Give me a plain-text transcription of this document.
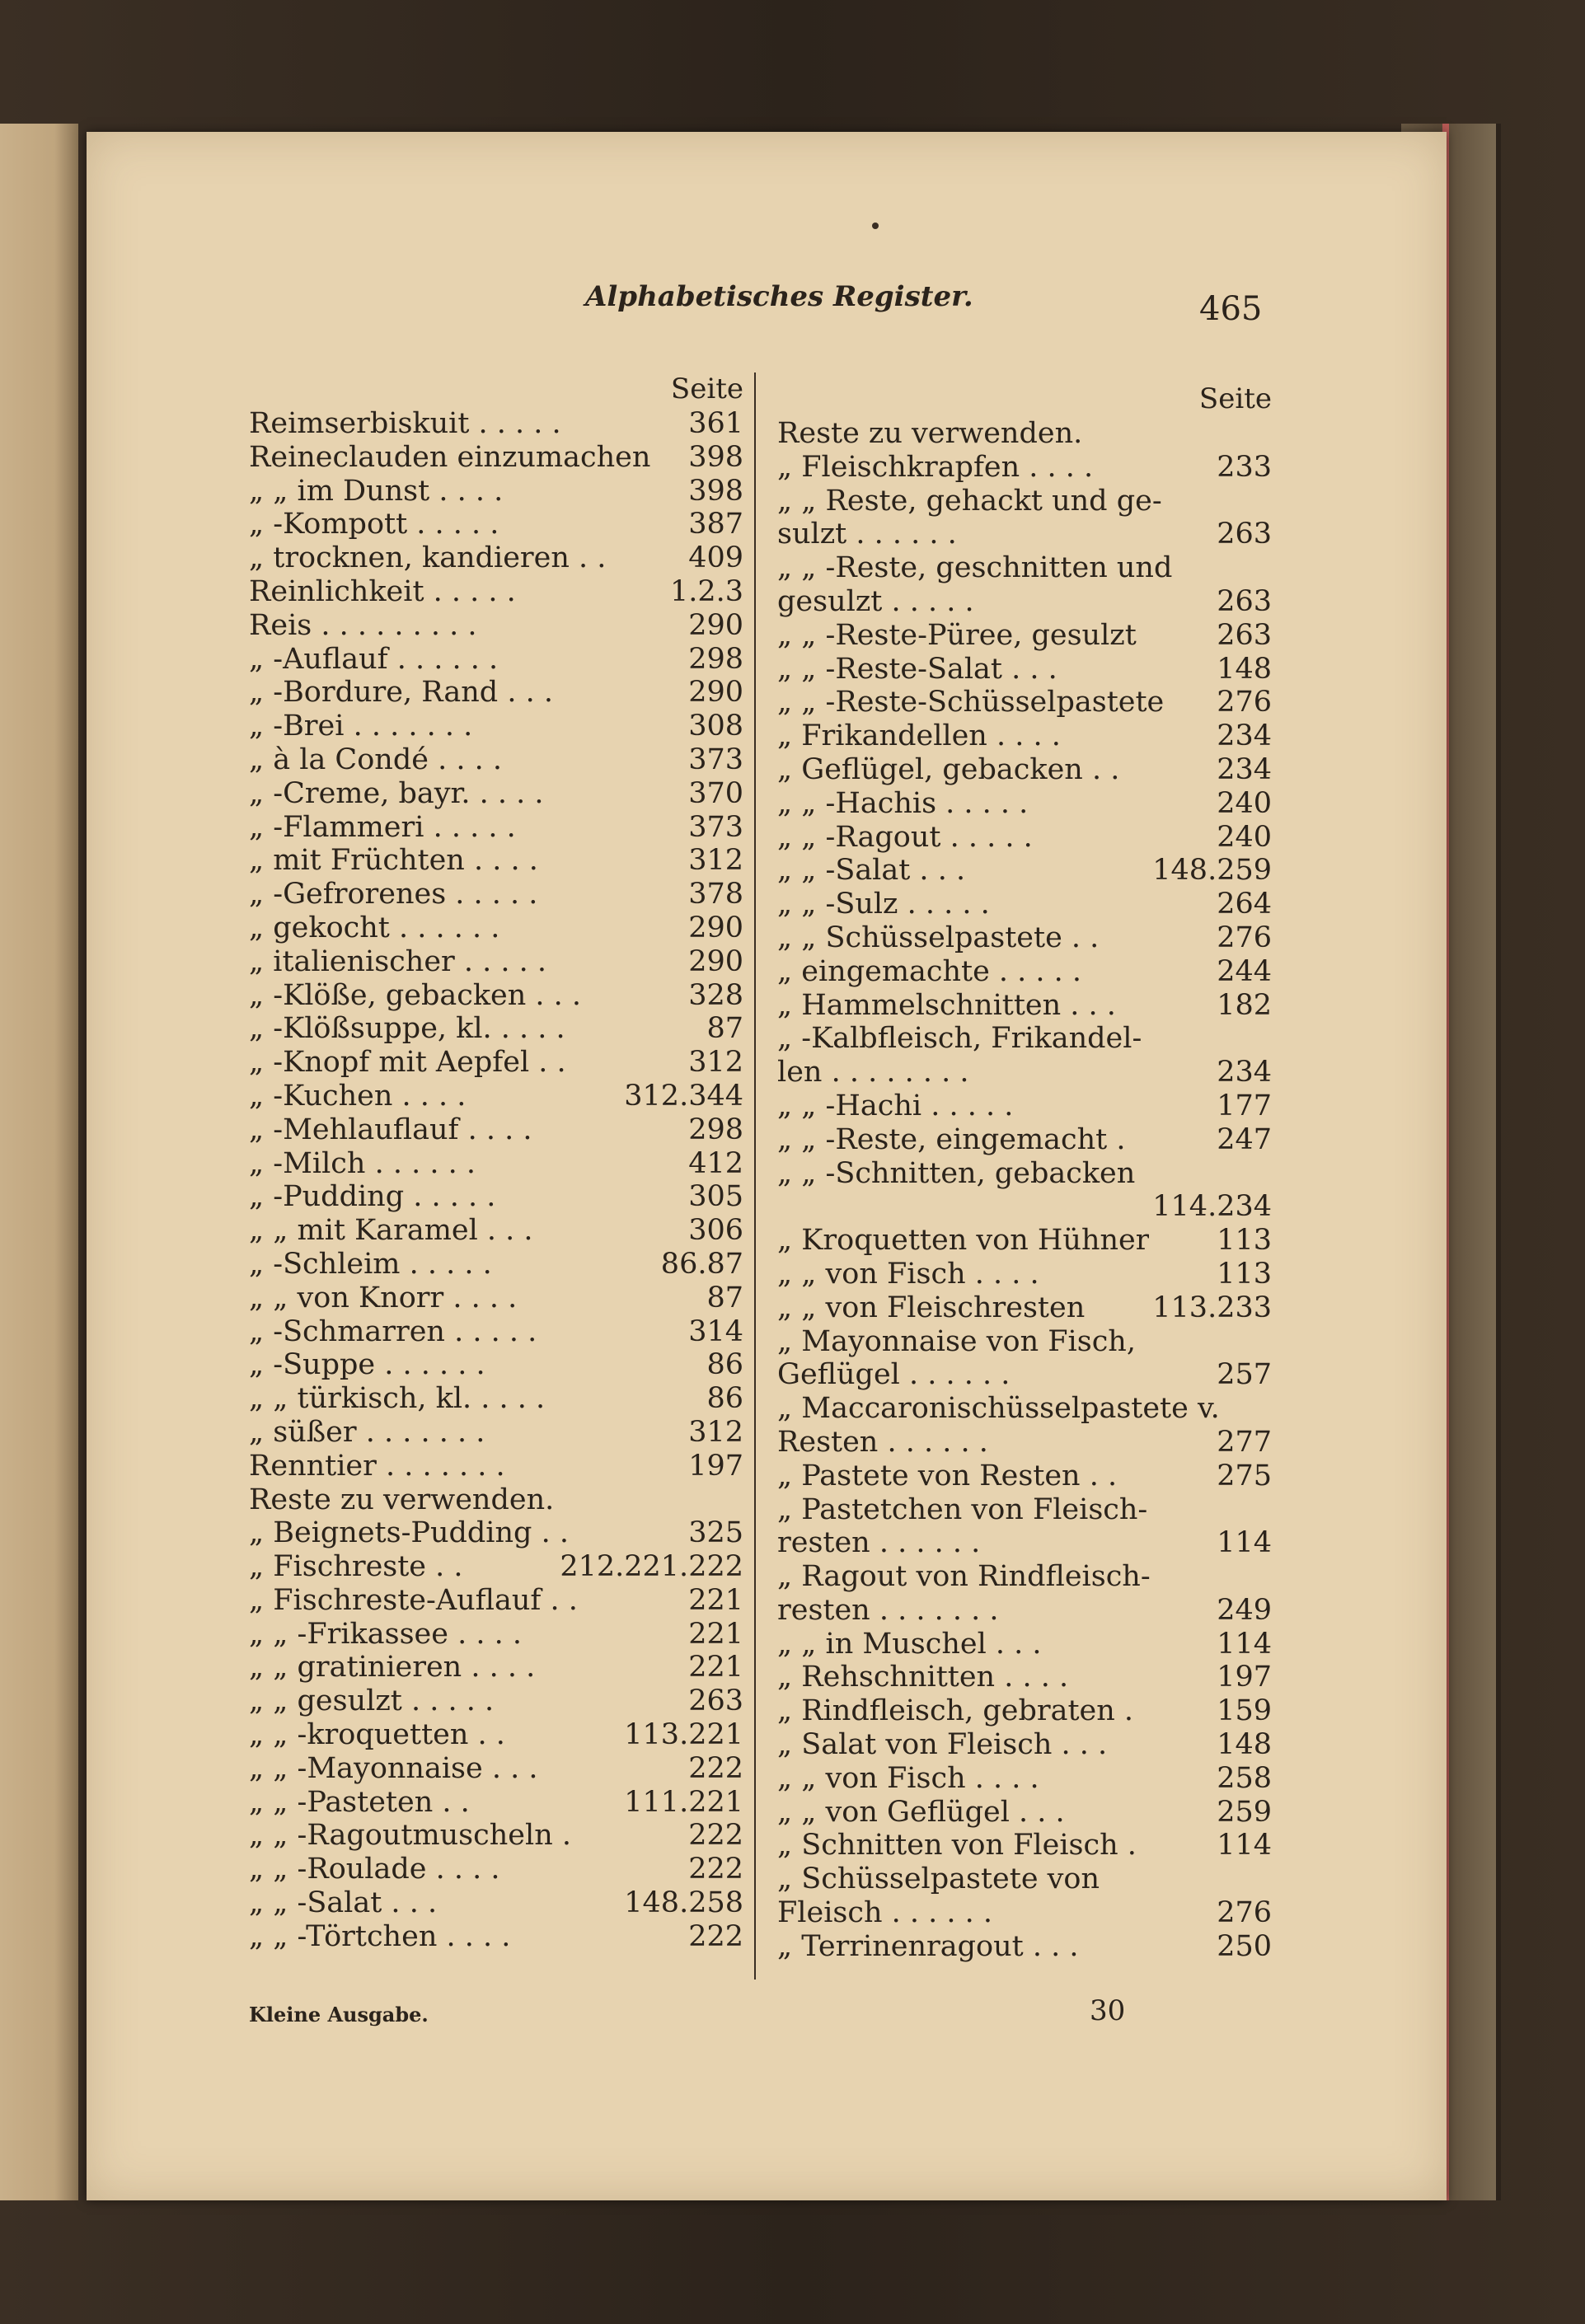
Alphabetisches Register.	465
Seite
Reimserbiskuit . . . . .	361
Reineclauden einzumachen 398
„ „ im Dunst . . . .	398
„ -Kompott . . . . .	387
„ trocknen, kandieren . .	409
Reinlichkeit . . . . .	1.2.3
Reis . . . . . . . . .	290
„ -Auflauf . . . . . .	298
„ -Bordure, Rand . . .	290
„ -Brei . . . . . . .	308
„ à la Condé . . . .	373
„ -Creme, bayr. . . . .	370
„ -Flammeri . . . . .	373
„ mit Früchten . . . .	312
„ -Gefrorenes . . . . .	378
„ gekocht . . . . . .	290
„ italienischer . . . . .	290
„ -Klöße, gebacken . . .	328
„ -Klößsuppe, kl. . . . .	87
„ -Knopf mit Aepfel . .	312
„ -Kuchen . . . .	312.344
„ -Mehlauflauf . . . .	298
„ -Milch . . . . . .	412
„ -Pudding . . . . .	305
„ „ mit Karamel . . .	306
„ -Schleim . . . . .	86.87
„ „ von Knorr . . . .	87
„ -Schmarren . . . . .	314
„ -Suppe . . . . . .	86
„ „ türkisch, kl. . . . .	86
„ süßer . . . . . . .	312
Renntier . . . . . . .	197
Reste zu verwenden.
„ Beignets-Pudding . .	325
„ Fischreste . .	212.221.222
„ Fischreste-Auflauf . .	221
„ „ -Frikassee . . . .	221
„ „ gratinieren . . . .	221
„ „ gesulzt . . . . .	263
„ „ -kroquetten . .	113.221
„ „ -Mayonnaise . . .	222
„ „ -Pasteten . .	111.221
„ „ -Ragoutmuscheln .	222
„ „ -Roulade . . . .	222
„ „ -Salat . . .	148.258
„ „ -Törtchen . . . .	222
Seite
Reste zu verwenden.
„ Fleischkrapfen . . . .	233
„ „ Reste, gehackt und ge-
sulzt . . . . . .	263
„ „ -Reste, geschnitten und
gesulzt . . . . .	263
„ „ -Reste-Püree, gesulzt	263
„ „ -Reste-Salat . . .	148
„ „ -Reste-Schüsselpastete 276
„ Frikandellen . . . .	234
„ Geflügel, gebacken . .	234
„ „ -Hachis . . . . .	240
„ „ -Ragout . . . . .	240
„ „ -Salat . . .	148.259
„ „ -Sulz . . . . .	264
„ „ Schüsselpastete . .	276
„ eingemachte . . . . .	244
„ Hammelschnitten . . .	182
„ -Kalbfleisch, Frikandel-
len . . . . . . . .	234
„ „ -Hachi . . . . .	177
„ „ -Reste, eingemacht .	247
„ „ -Schnitten, gebacken
114.234
„ Kroquetten von Hühner 113
„ „ von Fisch . . . .	113
„ „ von Fleischresten 113.233
„ Mayonnaise von Fisch,
Geflügel . . . . . .	257
„ Maccaronischüsselpastete v.
Resten . . . . . .	277
„ Pastete von Resten . .	275
„ Pastetchen von Fleisch-
resten . . . . . .	114
„ Ragout von Rindfleisch-
resten . . . . . . .	249
„ „ in Muschel . . .	114
„ Rehschnitten . . . .	197
„ Rindfleisch, gebraten .	159
„ Salat von Fleisch . . .	148
„ „ von Fisch . . . .	258
„ „ von Geflügel . . .	259
„ Schnitten von Fleisch .	114
„ Schüsselpastete von
Fleisch . . . . . .	276
„ Terrinenragout . . .	250
Kleine Ausgabe.	30
